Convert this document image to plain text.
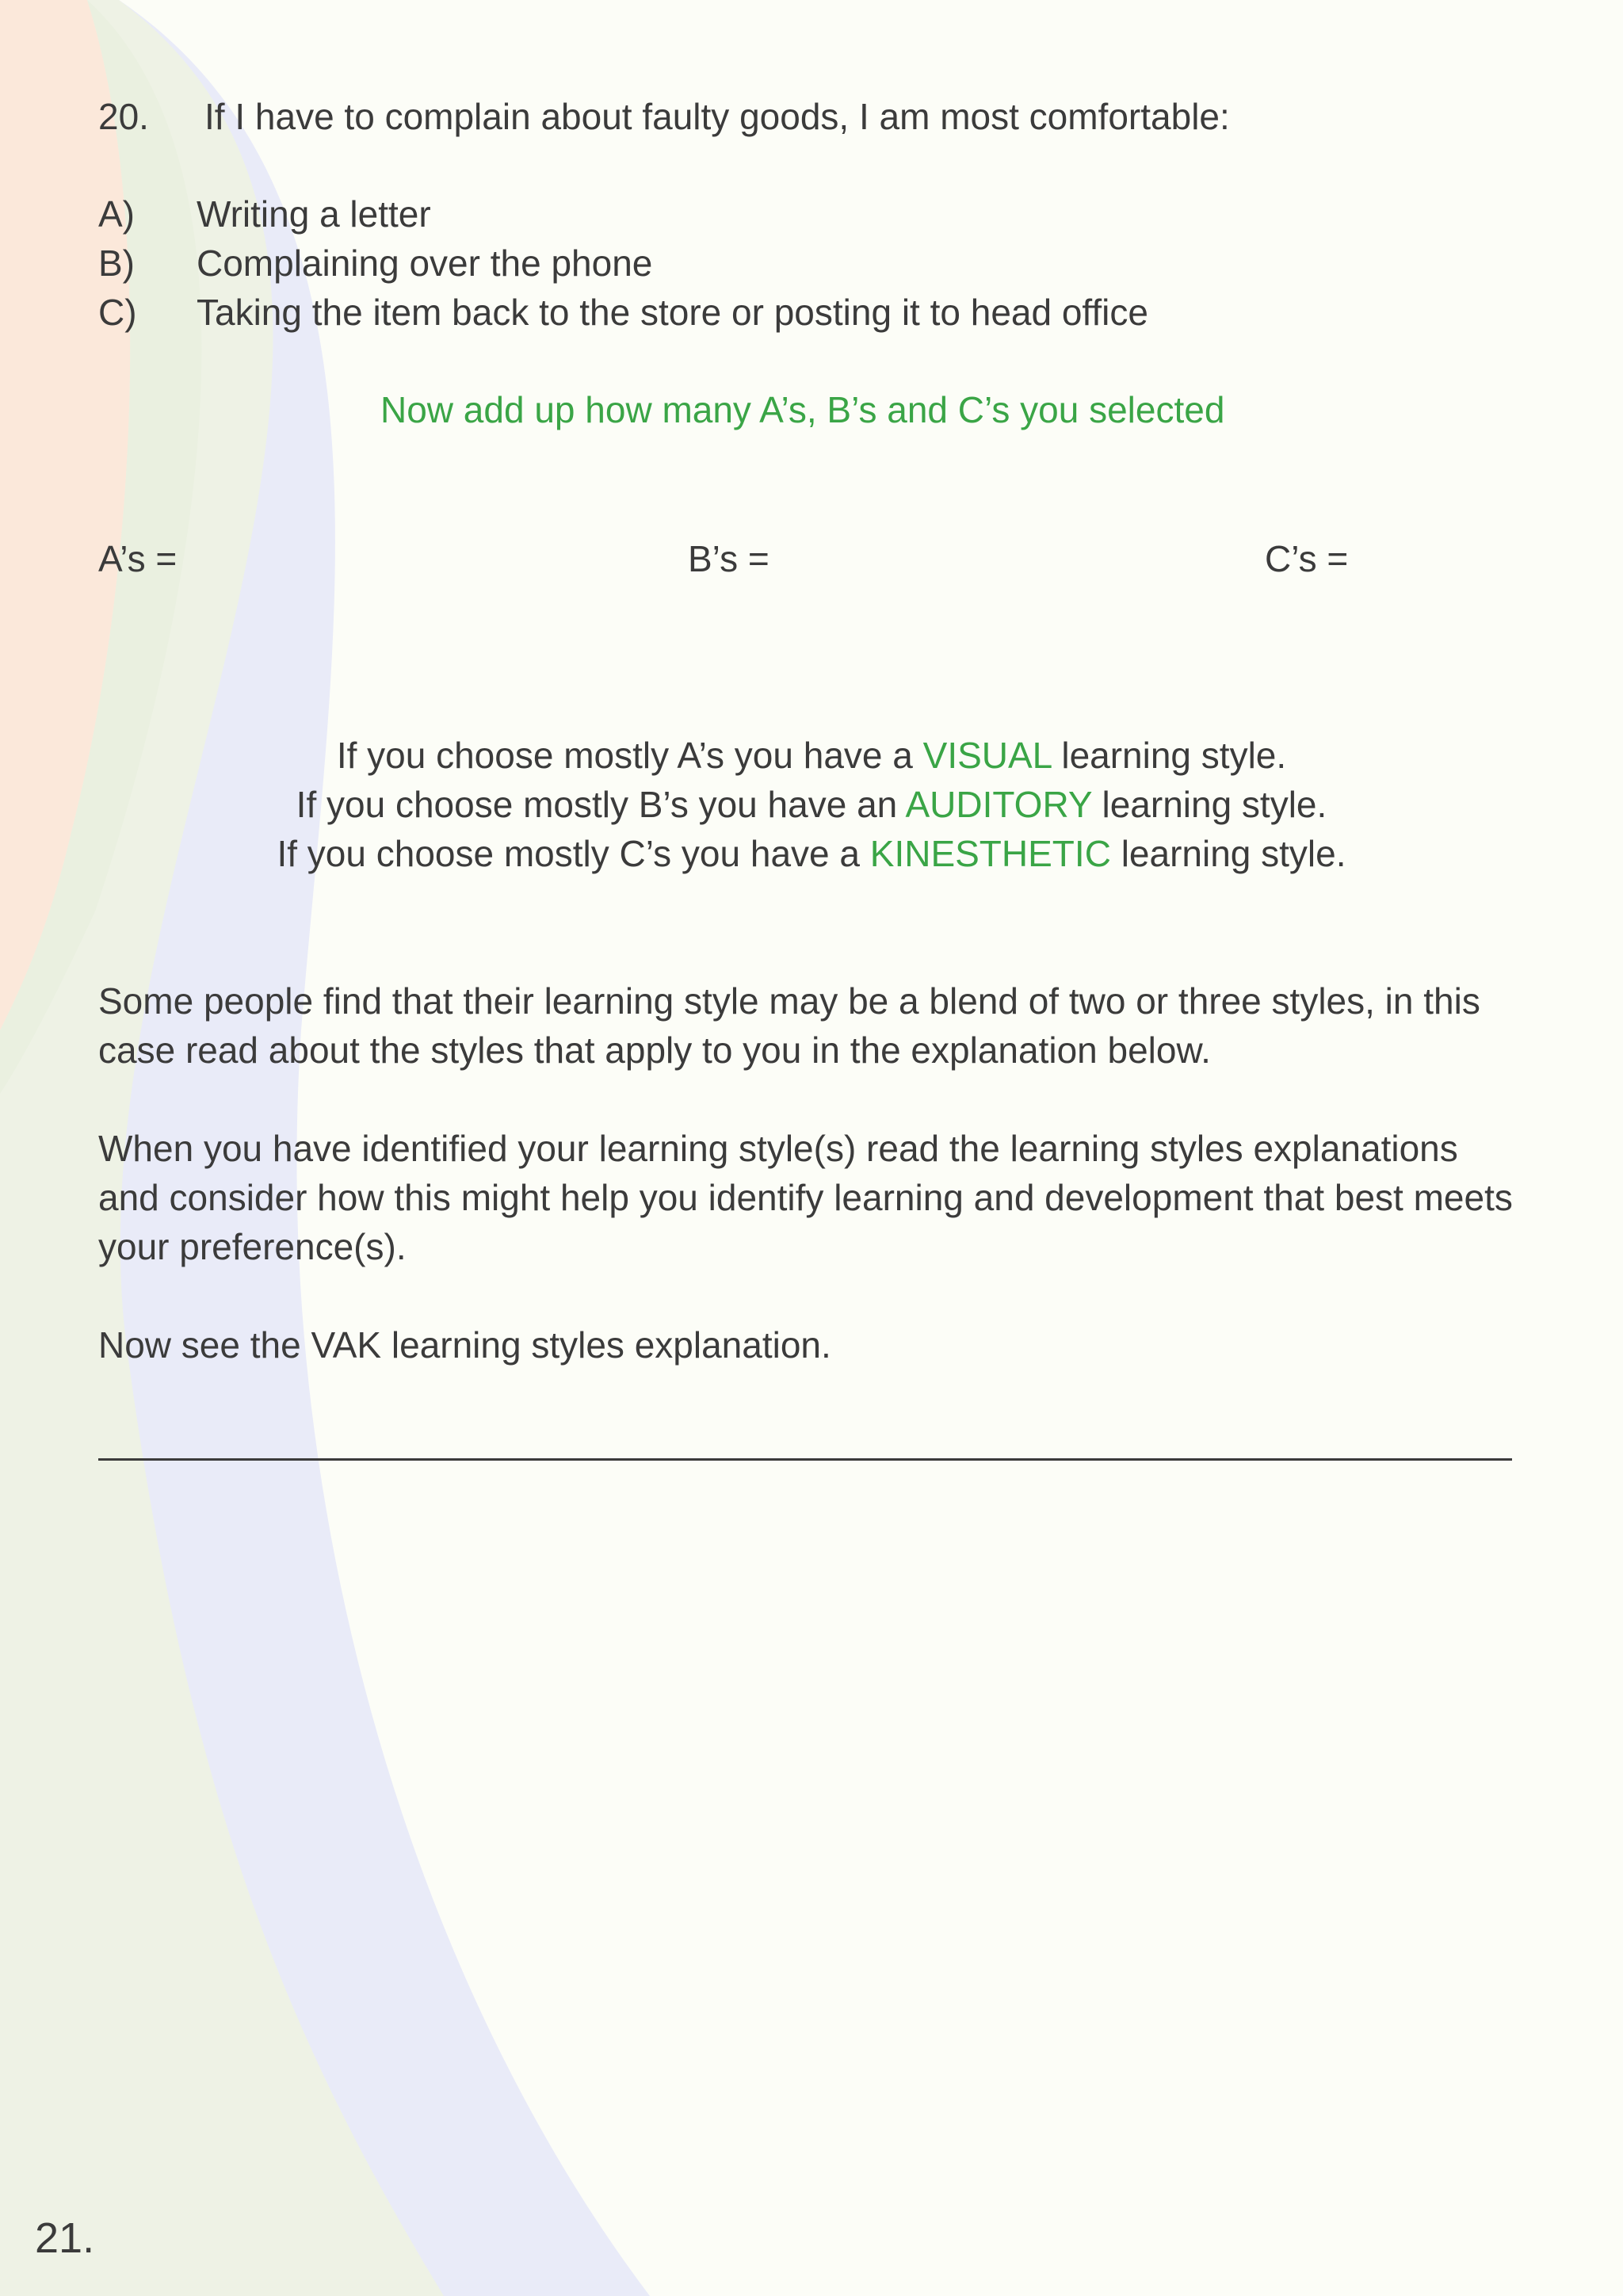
20. If I have to complain about faulty goods, I am most comfortable:
A) Writing a letter
B) Complaining over the phone
C) Taking the item back to the store or posting it to head office
Now add up how many A’s, B’s and C’s you selected
A’s =	B’s =	C’s =
If you choose mostly A’s you have a VISUAL learning style.
If you choose mostly B’s you have an AUDITORY learning style.
If you choose mostly C’s you have a KINESTHETIC learning style.

Some people find that their learning style may be a blend of two or three styles, in this case read about the styles that apply to you in the explanation below.

When you have identified your learning style(s) read the learning styles explanations and consider how this might help you identify learning and development that best meets your preference(s).

Now see the VAK learning styles explanation.

21.
